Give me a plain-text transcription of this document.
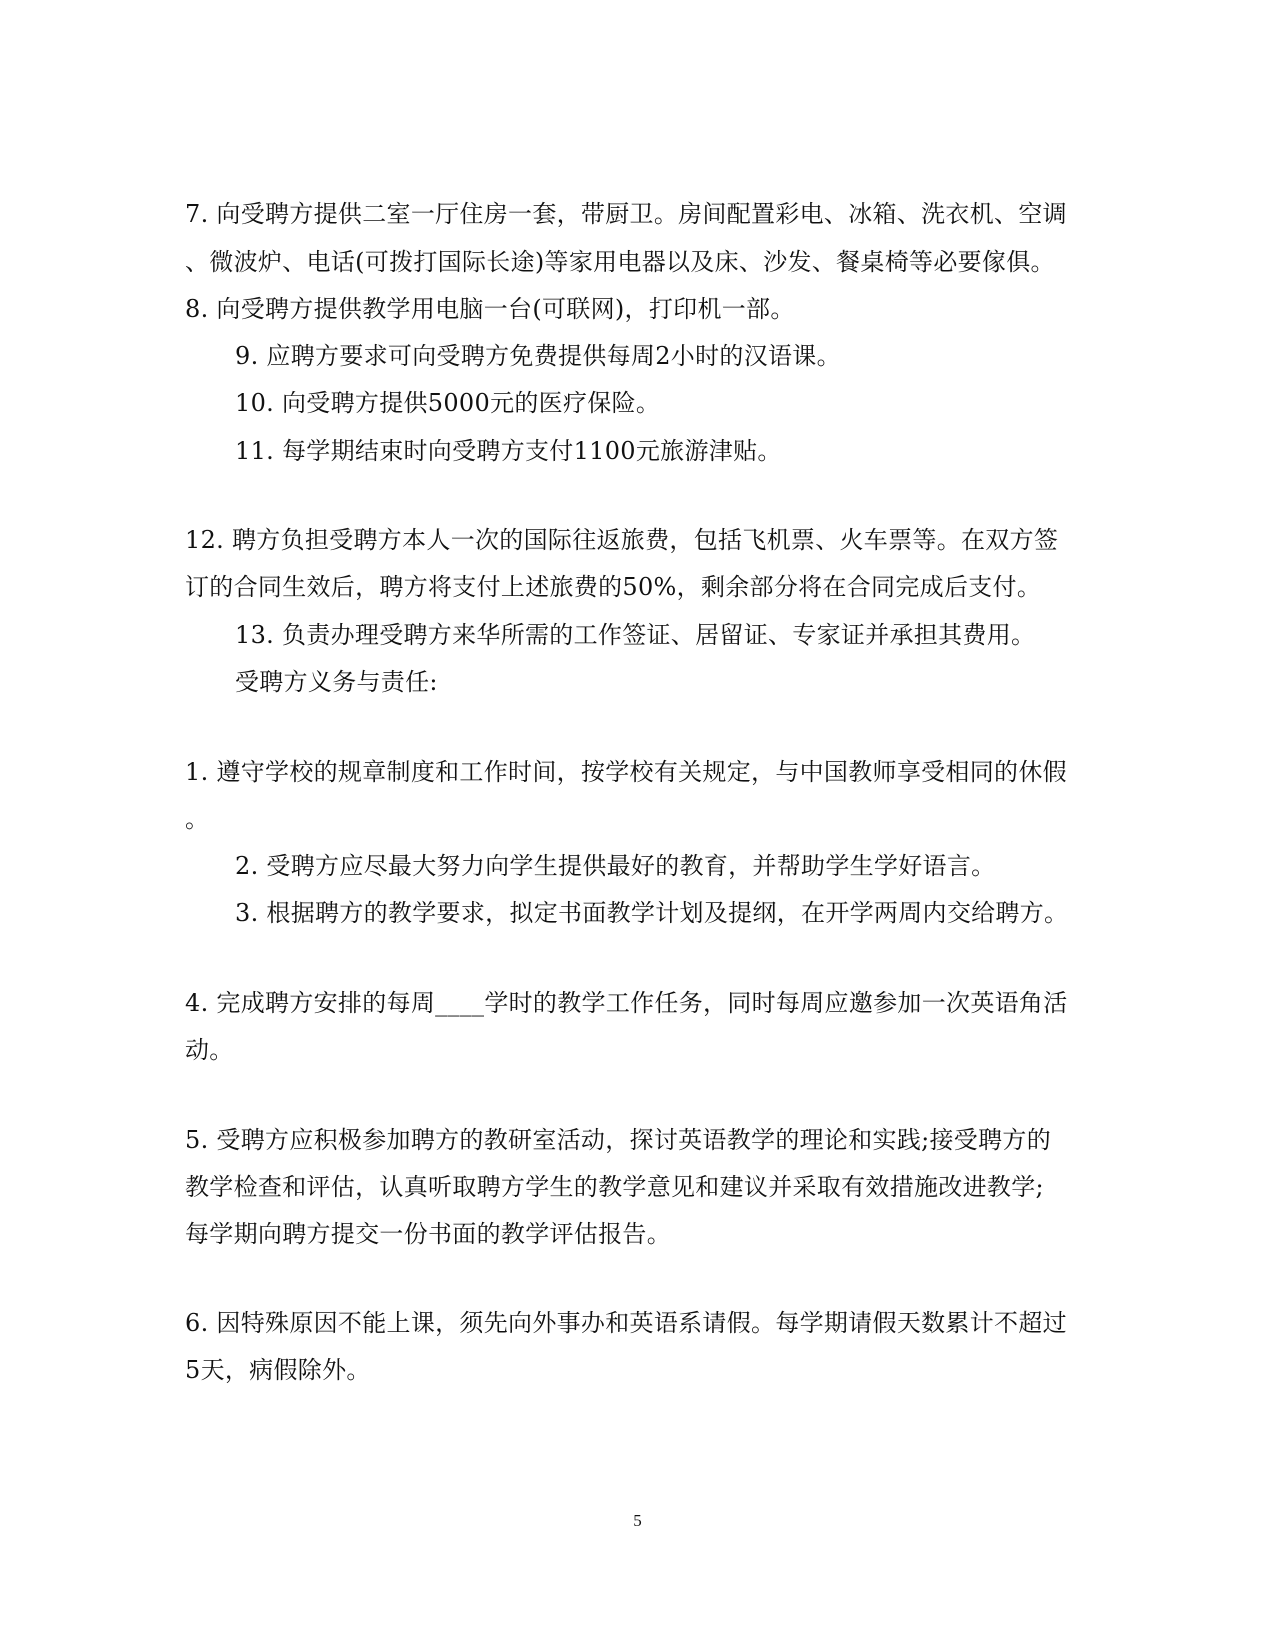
7. 向受聘方提供二室一厅住房一套，带厨卫。房间配置彩电、冰箱、洗衣机、空调
、微波炉、电话(可拨打国际长途)等家用电器以及床、沙发、餐桌椅等必要傢俱。
8. 向受聘方提供教学用电脑一台(可联网)，打印机一部。
9. 应聘方要求可向受聘方免费提供每周2小时的汉语课。
10. 向受聘方提供5000元的医疗保险。
11. 每学期结束时向受聘方支付1100元旅游津贴。
12. 聘方负担受聘方本人一次的国际往返旅费，包括飞机票、火车票等。在双方签
订的合同生效后，聘方将支付上述旅费的50%，剩余部分将在合同完成后支付。
13. 负责办理受聘方来华所需的工作签证、居留证、专家证并承担其费用。
受聘方义务与责任:
1. 遵守学校的规章制度和工作时间，按学校有关规定，与中国教师享受相同的休假
。
2. 受聘方应尽最大努力向学生提供最好的教育，并帮助学生学好语言。
3. 根据聘方的教学要求，拟定书面教学计划及提纲，在开学两周内交给聘方。
4. 完成聘方安排的每周____学时的教学工作任务，同时每周应邀参加一次英语角活
动。
5. 受聘方应积极参加聘方的教研室活动，探讨英语教学的理论和实践;接受聘方的
教学检查和评估，认真听取聘方学生的教学意见和建议并采取有效措施改进教学;
每学期向聘方提交一份书面的教学评估报告。
6. 因特殊原因不能上课，须先向外事办和英语系请假。每学期请假天数累计不超过
5天，病假除外。
5
